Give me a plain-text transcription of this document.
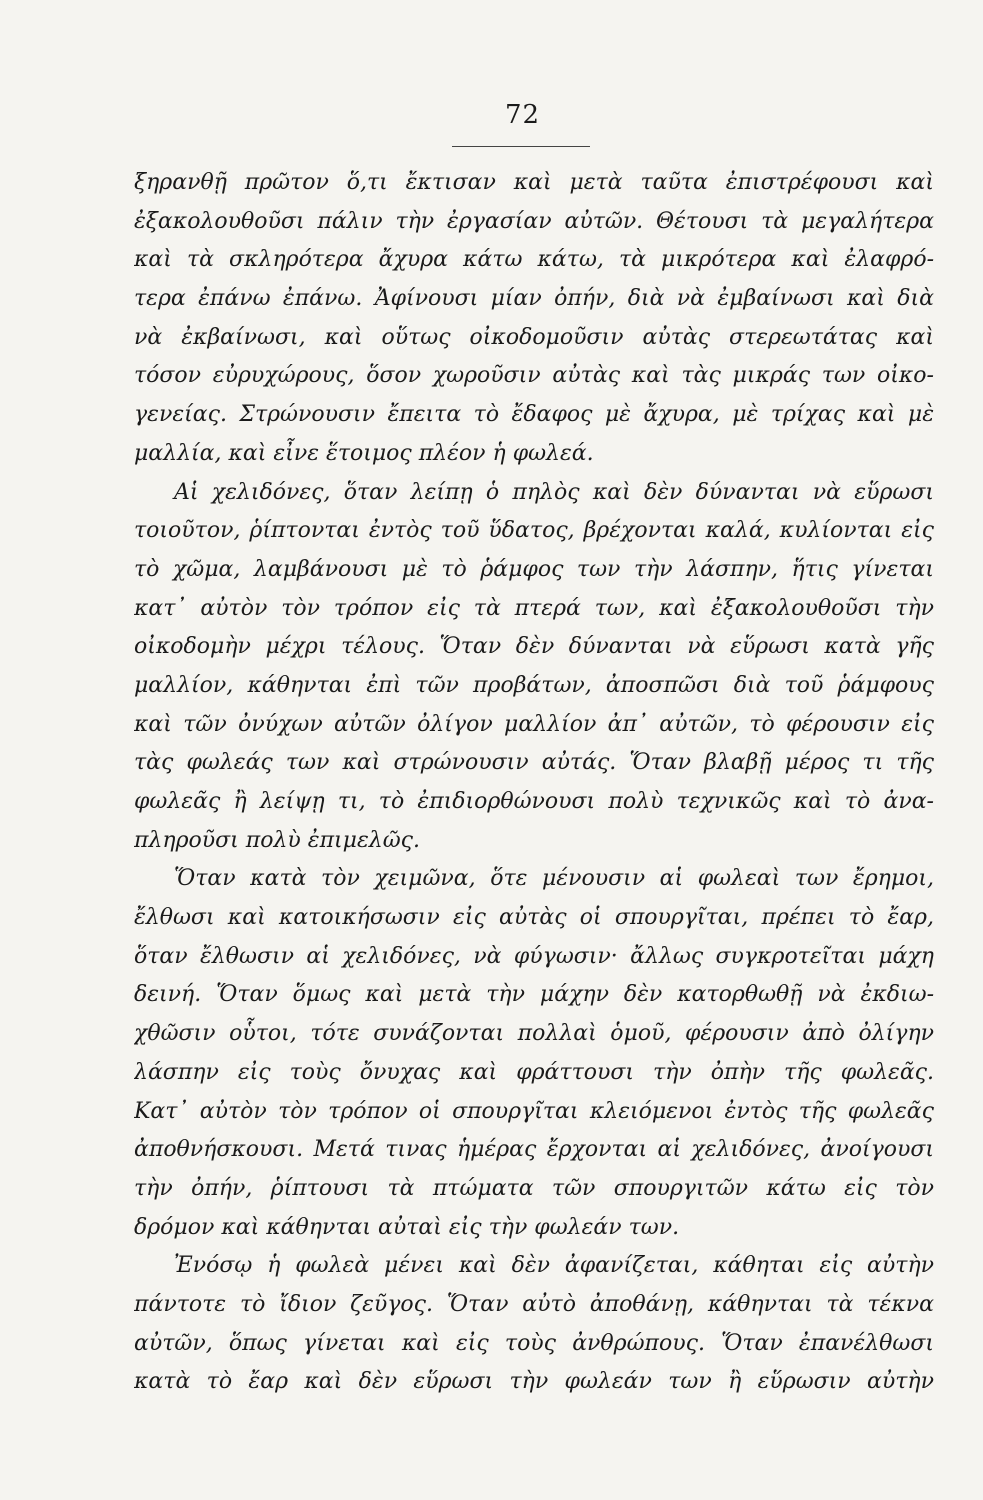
72
ξηρανθῇ πρῶτον ὅ,τι ἔκτισαν καὶ μετὰ ταῦτα ἐπιστρέφουσι καὶ
ἐξακολουθοῦσι πάλιν τὴν ἐργασίαν αὐτῶν. Θέτουσι τὰ μεγαλήτερα
καὶ τὰ σκληρότερα ἄχυρα κάτω κάτω, τὰ μικρότερα καὶ ἐλαφρό-
τερα ἐπάνω ἐπάνω. Ἀφίνουσι μίαν ὀπήν, διὰ νὰ ἐμβαίνωσι καὶ διὰ
νὰ ἐκβαίνωσι, καὶ οὕτως οἰκοδομοῦσιν αὐτὰς στερεωτάτας καὶ
τόσον εὐρυχώρους, ὅσον χωροῦσιν αὐτὰς καὶ τὰς μικράς των οἰκο-
γενείας. Στρώνουσιν ἔπειτα τὸ ἔδαφος μὲ ἄχυρα, μὲ τρίχας καὶ μὲ
μαλλία, καὶ εἶνε ἕτοιμος πλέον ἡ φωλεά.
Αἱ χελιδόνες, ὅταν λείπῃ ὁ πηλὸς καὶ δὲν δύνανται νὰ εὕρωσι
τοιοῦτον, ῥίπτονται ἐντὸς τοῦ ὕδατος, βρέχονται καλά, κυλίονται εἰς
τὸ χῶμα, λαμβάνουσι μὲ τὸ ῥάμφος των τὴν λάσπην, ἥτις γίνεται
κατ᾽ αὐτὸν τὸν τρόπον εἰς τὰ πτερά των, καὶ ἐξακολουθοῦσι τὴν
οἰκοδομὴν μέχρι τέλους. Ὅταν δὲν δύνανται νὰ εὕρωσι κατὰ γῆς
μαλλίον, κάθηνται ἐπὶ τῶν προβάτων, ἀποσπῶσι διὰ τοῦ ῥάμφους
καὶ τῶν ὀνύχων αὐτῶν ὀλίγον μαλλίον ἀπ᾽ αὐτῶν, τὸ φέρουσιν εἰς
τὰς φωλεάς των καὶ στρώνουσιν αὐτάς. Ὅταν βλαβῇ μέρος τι τῆς
φωλεᾶς ἢ λείψῃ τι, τὸ ἐπιδιορθώνουσι πολὺ τεχνικῶς καὶ τὸ ἀνα-
πληροῦσι πολὺ ἐπιμελῶς.
Ὅταν κατὰ τὸν χειμῶνα, ὅτε μένουσιν αἱ φωλεαὶ των ἔρημοι,
ἔλθωσι καὶ κατοικήσωσιν εἰς αὐτὰς οἱ σπουργῖται, πρέπει τὸ ἔαρ,
ὅταν ἔλθωσιν αἱ χελιδόνες, νὰ φύγωσιν· ἄλλως συγκροτεῖται μάχη
δεινή. Ὅταν ὅμως καὶ μετὰ τὴν μάχην δὲν κατορθωθῇ νὰ ἐκδιω-
χθῶσιν οὗτοι, τότε συνάζονται πολλαὶ ὁμοῦ, φέρουσιν ἀπὸ ὀλίγην
λάσπην εἰς τοὺς ὄνυχας καὶ φράττουσι τὴν ὀπὴν τῆς φωλεᾶς.
Κατ᾽ αὐτὸν τὸν τρόπον οἱ σπουργῖται κλειόμενοι ἐντὸς τῆς φωλεᾶς
ἀποθνήσκουσι. Μετά τινας ἡμέρας ἔρχονται αἱ χελιδόνες, ἀνοίγουσι
τὴν ὀπήν, ῥίπτουσι τὰ πτώματα τῶν σπουργιτῶν κάτω εἰς τὸν
δρόμον καὶ κάθηνται αὐταὶ εἰς τὴν φωλεάν των.
Ἐνόσῳ ἡ φωλεὰ μένει καὶ δὲν ἀφανίζεται, κάθηται εἰς αὐτὴν
πάντοτε τὸ ἴδιον ζεῦγος. Ὅταν αὐτὸ ἀποθάνῃ, κάθηνται τὰ τέκνα
αὐτῶν, ὅπως γίνεται καὶ εἰς τοὺς ἀνθρώπους. Ὅταν ἐπανέλθωσι
κατὰ τὸ ἔαρ καὶ δὲν εὕρωσι τὴν φωλεάν των ἢ εὕρωσιν αὐτὴν
